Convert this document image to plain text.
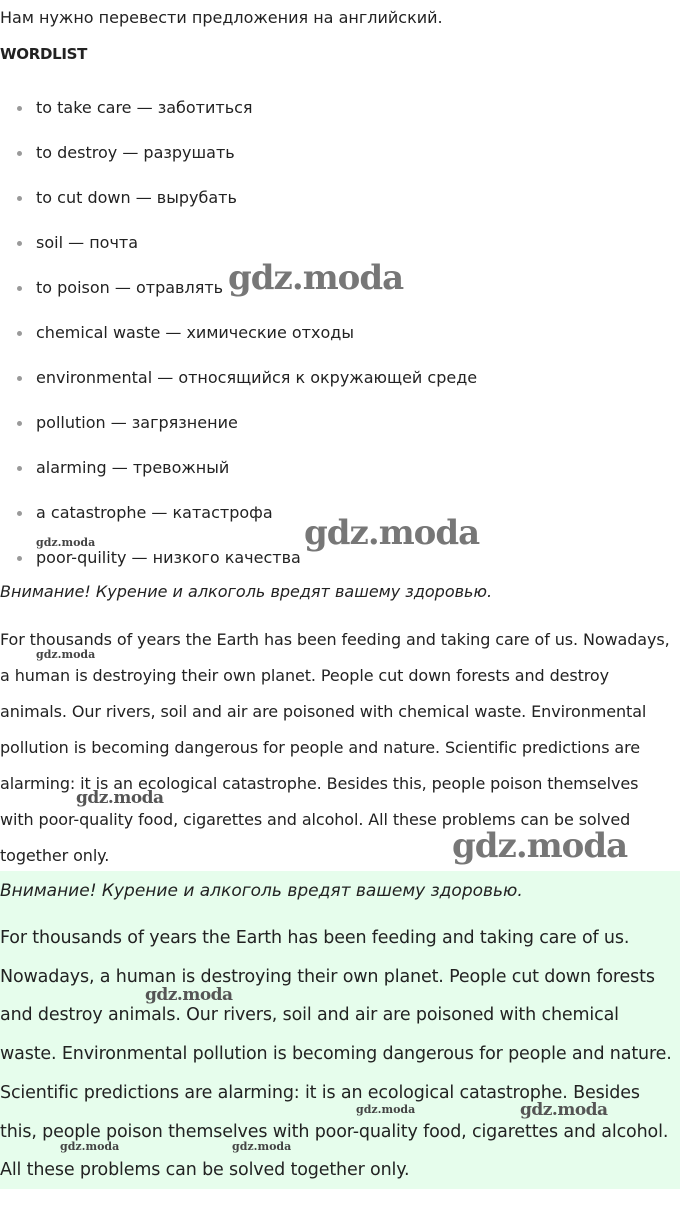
Нам нужно перевести предложения на английский.
WORDLIST
to take care — заботиться
to destroy — разрушать
to cut down — вырубать
soil — почта
to poison — отравлять
chemical waste — химические отходы
environmental — относящийся к окружающей среде
pollution — загрязнение
alarming — тревожный
a catastrophe — катастрофа
poor-quility — низкого качества

Внимание! Курение и алкоголь вредят вашему здоровью.

For thousands of years the Earth has been feeding and taking care of us. Nowadays, a human is destroying their own planet. People cut down forests and destroy animals. Our rivers, soil and air are poisoned with chemical waste. Environmental pollution is becoming dangerous for people and nature. Scientific predictions are alarming: it is an ecological catastrophe. Besides this, people poison themselves with poor-quality food, cigarettes and alcohol. All these problems can be solved together only.

Внимание! Курение и алкоголь вредят вашему здоровью.

For thousands of years the Earth has been feeding and taking care of us. Nowadays, a human is destroying their own planet. People cut down forests and destroy animals. Our rivers, soil and air are poisoned with chemical waste. Environmental pollution is becoming dangerous for people and nature. Scientific predictions are alarming: it is an ecological catastrophe. Besides this, people poison themselves with poor-quality food, cigarettes and alcohol. All these problems can be solved together only.

gdz.moda
gdz.moda
gdz.moda
gdz.moda
gdz.moda
gdz.moda
gdz.moda
gdz.moda
gdz.moda
gdz.moda	gdz.moda
